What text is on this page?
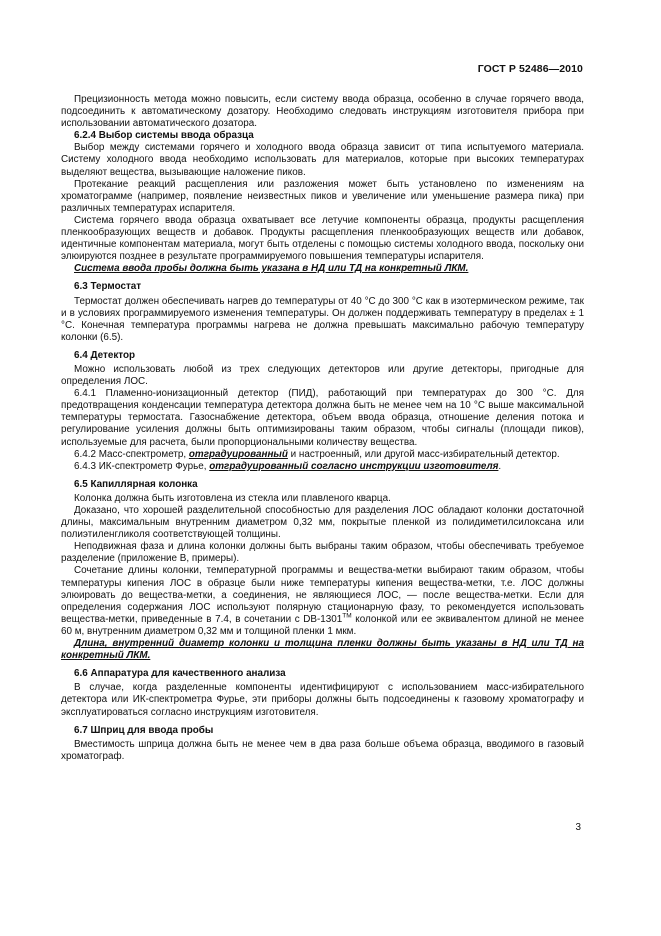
ГОСТ Р 52486—2010

Прецизионность метода можно повысить, если систему ввода образца, особенно в случае горячего ввода, подсоединить к автоматическому дозатору. Необходимо следовать инструкциям изготовителя прибора при использовании автоматического дозатора.

6.2.4 Выбор системы ввода образца

Выбор между системами горячего и холодного ввода образца зависит от типа испытуемого материала. Систему холодного ввода необходимо использовать для материалов, которые при высоких температурах выделяют вещества, вызывающие наложение пиков.

Протекание реакций расщепления или разложения может быть установлено по изменениям на хроматограмме (например, появление неизвестных пиков и увеличение или уменьшение размера пика) при различных температурах испарителя.

Система горячего ввода образца охватывает все летучие компоненты образца, продукты расщепления пленкообразующих веществ и добавок. Продукты расщепления пленкообразующих веществ или добавок, идентичные компонентам материала, могут быть отделены с помощью системы холодного ввода, поскольку они элюируются позднее в результате программируемого повышения температуры испарителя.

Система ввода пробы должна быть указана в НД или ТД на конкретный ЛКМ.

6.3 Термостат

Термостат должен обеспечивать нагрев до температуры от 40 °С до 300 °С как в изотермическом режиме, так и в условиях программируемого изменения температуры. Он должен поддерживать температуру в пределах ± 1 °С. Конечная температура программы нагрева не должна превышать максимально рабочую температуру колонки (6.5).

6.4 Детектор

Можно использовать любой из трех следующих детекторов или другие детекторы, пригодные для определения ЛОС.

6.4.1 Пламенно-ионизационный детектор (ПИД), работающий при температурах до 300 °С. Для предотвращения конденсации температура детектора должна быть не менее чем на 10 °С выше максимальной температуры термостата. Газоснабжение детектора, объем ввода образца, отношение деления потока и регулирование усиления должны быть оптимизированы таким образом, чтобы сигналы (площади пиков), используемые для расчета, были пропорциональными количеству вещества.

6.4.2 Масс-спектрометр, отградуированный и настроенный, или другой масс-избирательный детектор.

6.4.3 ИК-спектрометр Фурье, отградуированный согласно инструкции изготовителя.

6.5 Капиллярная колонка

Колонка должна быть изготовлена из стекла или плавленого кварца.

Доказано, что хорошей разделительной способностью для разделения ЛОС обладают колонки достаточной длины, максимальным внутренним диаметром 0,32 мм, покрытые пленкой из полидиметилсилоксана или полиэтиленгликоля соответствующей толщины.

Неподвижная фаза и длина колонки должны быть выбраны таким образом, чтобы обеспечивать требуемое разделение (приложение В, примеры).

Сочетание длины колонки, температурной программы и вещества-метки выбирают таким образом, чтобы температуры кипения ЛОС в образце были ниже температуры кипения вещества-метки, т.е. ЛОС должны элюировать до вещества-метки, а соединения, не являющиеся ЛОС, — после вещества-метки. Если для определения содержания ЛОС используют полярную стационарную фазу, то рекомендуется использовать вещества-метки, приведенные в 7.4, в сочетании с DB-1301™ колонкой или ее эквивалентом длиной не менее 60 м, внутренним диаметром 0,32 мм и толщиной пленки 1 мкм.

Длина, внутренний диаметр колонки и толщина пленки должны быть указаны в НД или ТД на конкретный ЛКМ.

6.6 Аппаратура для качественного анализа

В случае, когда разделенные компоненты идентифицируют с использованием масс-избирательного детектора или ИК-спектрометра Фурье, эти приборы должны быть подсоединены к газовому хроматографу и эксплуатироваться согласно инструкциям изготовителя.

6.7 Шприц для ввода пробы

Вместимость шприца должна быть не менее чем в два раза больше объема образца, вводимого в газовый хроматограф.

3
